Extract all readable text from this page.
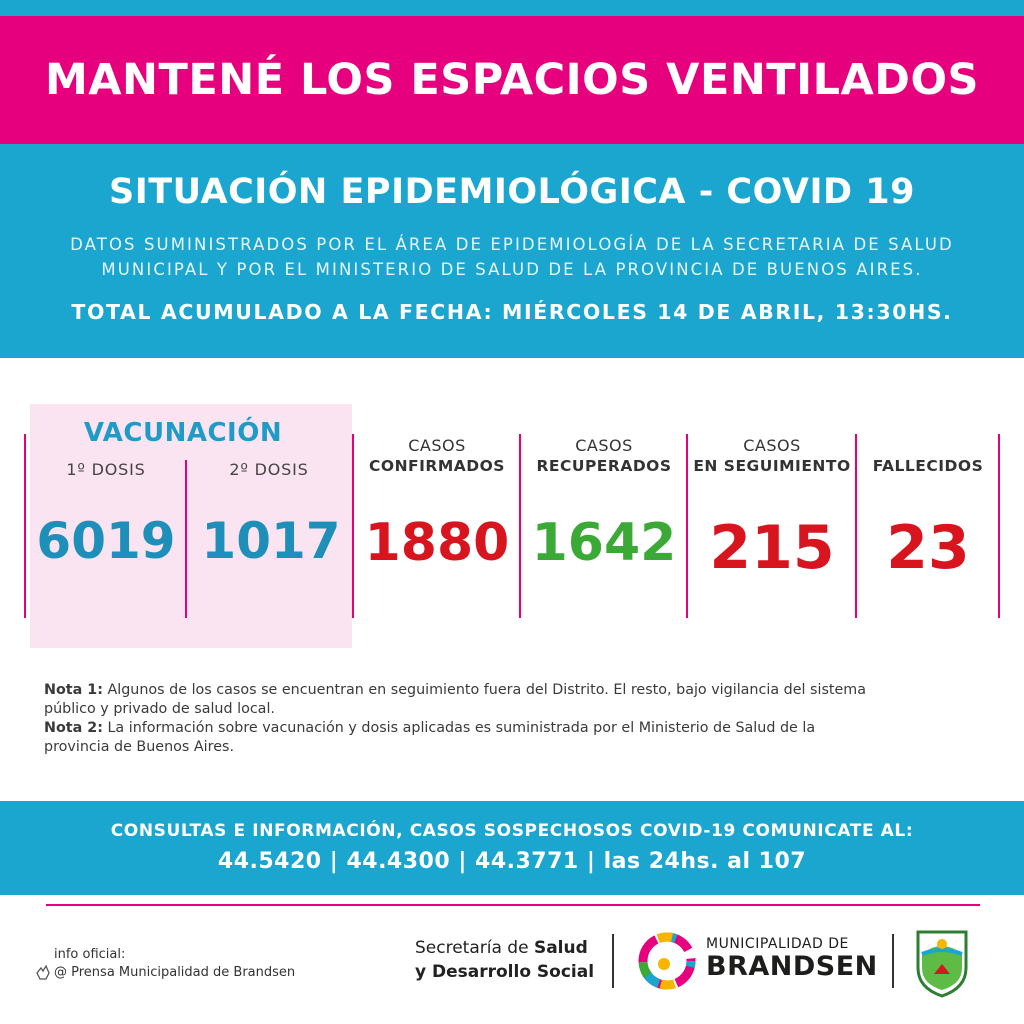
MANTENÉ LOS ESPACIOS VENTILADOS
SITUACIÓN EPIDEMIOLÓGICA - COVID 19
DATOS SUMINISTRADOS POR EL ÁREA DE EPIDEMIOLOGÍA DE LA SECRETARIA DE SALUD MUNICIPAL Y POR EL MINISTERIO DE SALUD DE LA PROVINCIA DE BUENOS AIRES.
TOTAL ACUMULADO A LA FECHA: MIÉRCOLES 14 DE ABRIL, 13:30HS.
VACUNACIÓN
1º DOSIS	2º DOSIS
6019 1017
CASOS
CONFIRMADOS
1880
CASOS
RECUPERADOS
1642
CASOS
EN SEGUIMIENTO
215
FALLECIDOS
23
Nota 1: Algunos de los casos se encuentran en seguimiento fuera del Distrito. El resto, bajo vigilancia del sistema público y privado de salud local.
Nota 2: La información sobre vacunación y dosis aplicadas es suministrada por el Ministerio de Salud de la provincia de Buenos Aires.
CONSULTAS E INFORMACIÓN, CASOS SOSPECHOSOS COVID-19 COMUNICATE AL:
44.5420 | 44.4300 | 44.3771 | las 24hs. al 107
info oficial:
@ Prensa Municipalidad de Brandsen
Secretaría de Salud
y Desarrollo Social
MUNICIPALIDAD DE
BRANDSEN
